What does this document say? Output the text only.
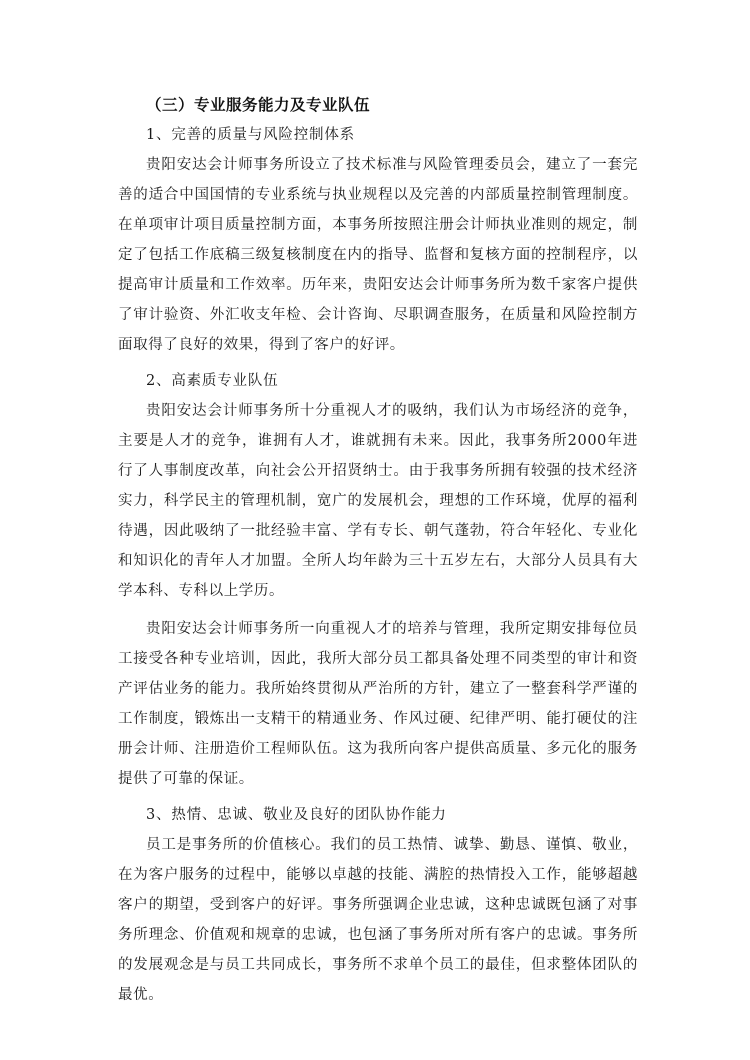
（三）专业服务能力及专业队伍

1、完善的质量与风险控制体系

贵阳安达会计师事务所设立了技术标准与风险管理委员会，建立了一套完善的适合中国国情的专业系统与执业规程以及完善的内部质量控制管理制度。在单项审计项目质量控制方面，本事务所按照注册会计师执业准则的规定，制定了包括工作底稿三级复核制度在内的指导、监督和复核方面的控制程序，以提高审计质量和工作效率。历年来，贵阳安达会计师事务所为数千家客户提供了审计验资、外汇收支年检、会计咨询、尽职调查服务，在质量和风险控制方面取得了良好的效果，得到了客户的好评。

2、高素质专业队伍

贵阳安达会计师事务所十分重视人才的吸纳，我们认为市场经济的竞争，主要是人才的竞争，谁拥有人才，谁就拥有未来。因此，我事务所2000年进行了人事制度改革，向社会公开招贤纳士。由于我事务所拥有较强的技术经济实力，科学民主的管理机制，宽广的发展机会，理想的工作环境，优厚的福利待遇，因此吸纳了一批经验丰富、学有专长、朝气蓬勃，符合年轻化、专业化和知识化的青年人才加盟。全所人均年龄为三十五岁左右，大部分人员具有大学本科、专科以上学历。

贵阳安达会计师事务所一向重视人才的培养与管理，我所定期安排每位员工接受各种专业培训，因此，我所大部分员工都具备处理不同类型的审计和资产评估业务的能力。我所始终贯彻从严治所的方针，建立了一整套科学严谨的工作制度，锻炼出一支精干的精通业务、作风过硬、纪律严明、能打硬仗的注册会计师、注册造价工程师队伍。这为我所向客户提供高质量、多元化的服务提供了可靠的保证。

3、热情、忠诚、敬业及良好的团队协作能力

员工是事务所的价值核心。我们的员工热情、诚挚、勤恳、谨慎、敬业，在为客户服务的过程中，能够以卓越的技能、满腔的热情投入工作，能够超越客户的期望，受到客户的好评。事务所强调企业忠诚，这种忠诚既包涵了对事务所理念、价值观和规章的忠诚，也包涵了事务所对所有客户的忠诚。事务所的发展观念是与员工共同成长，事务所不求单个员工的最佳，但求整体团队的最优。
